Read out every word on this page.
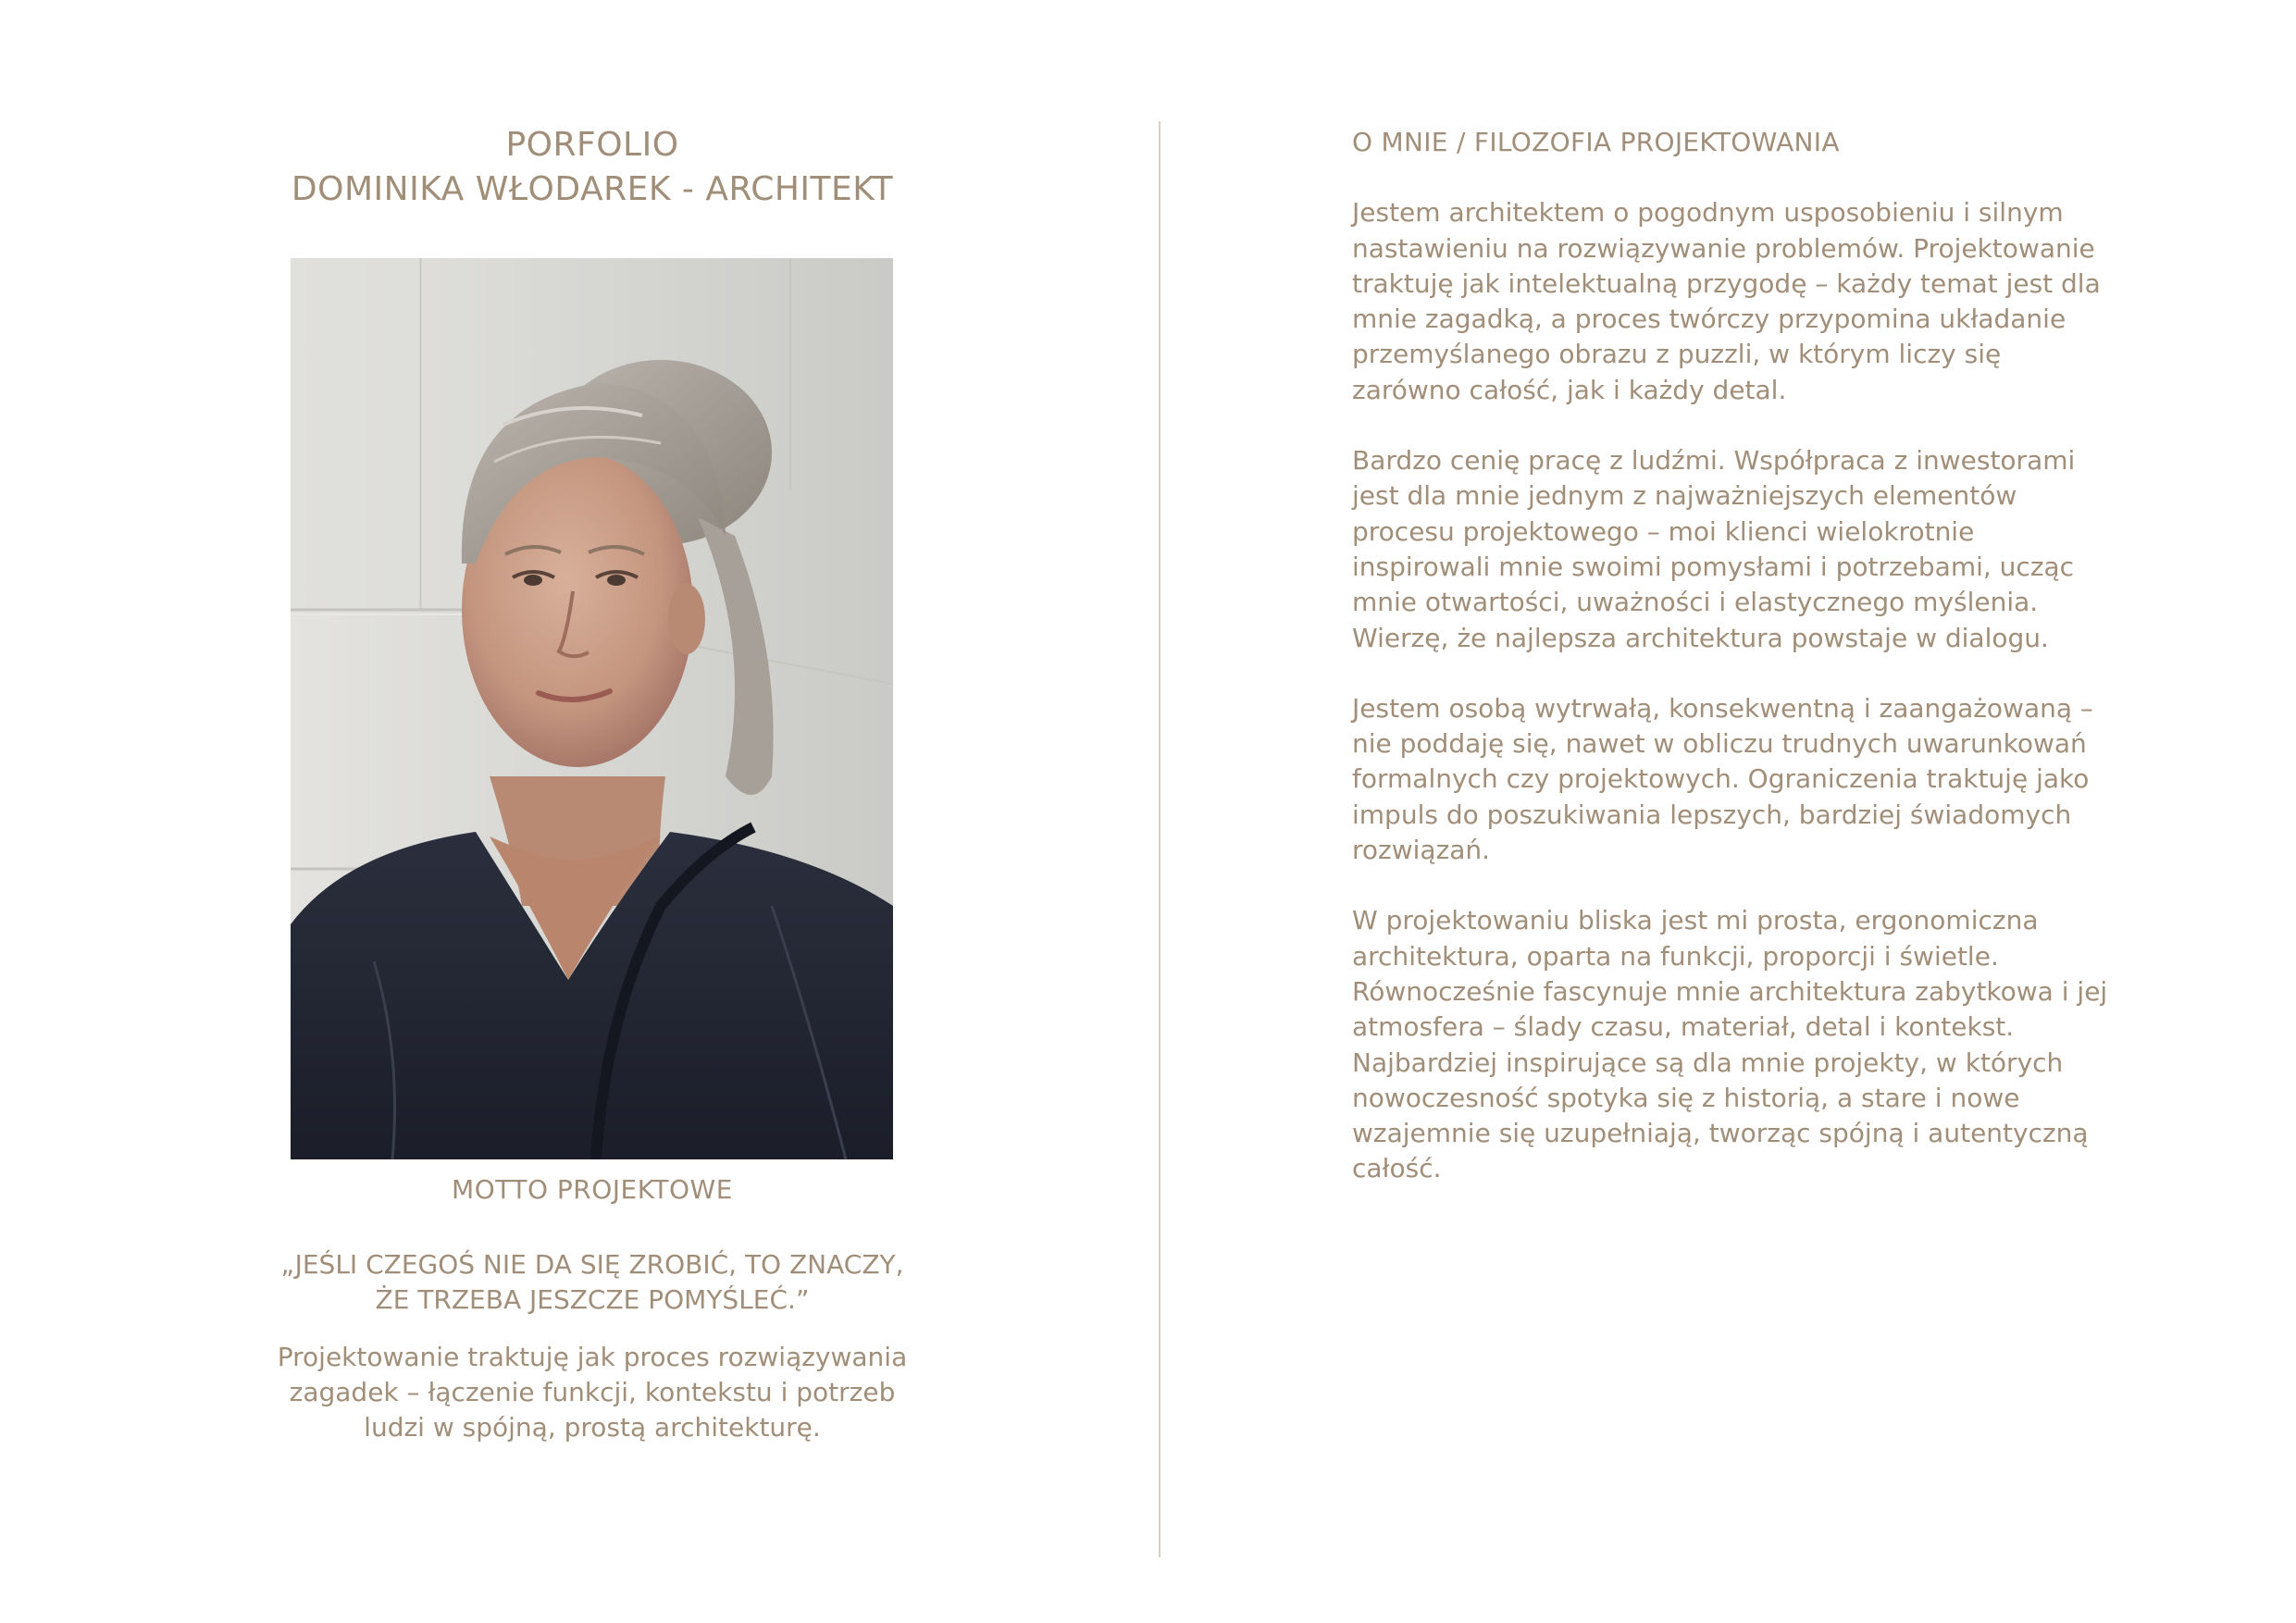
PORFOLIO
DOMINIKA WŁODAREK - ARCHITEKT
MOTTO PROJEKTOWE
„JEŚLI CZEGOŚ NIE DA SIĘ ZROBIĆ, TO ZNACZY,
ŻE TRZEBA JESZCZE POMYŚLEĆ.”
Projektowanie traktuję jak proces rozwiązywania
zagadek – łączenie funkcji, kontekstu i potrzeb
ludzi w spójną, prostą architekturę.
O MNIE / FILOZOFIA PROJEKTOWANIA
Jestem architektem o pogodnym usposobieniu i silnym
nastawieniu na rozwiązywanie problemów. Projektowanie
traktuję jak intelektualną przygodę – każdy temat jest dla
mnie zagadką, a proces twórczy przypomina układanie
przemyślanego obrazu z puzzli, w którym liczy się
zarówno całość, jak i każdy detal.
Bardzo cenię pracę z ludźmi. Współpraca z inwestorami
jest dla mnie jednym z najważniejszych elementów
procesu projektowego – moi klienci wielokrotnie
inspirowali mnie swoimi pomysłami i potrzebami, ucząc
mnie otwartości, uważności i elastycznego myślenia.
Wierzę, że najlepsza architektura powstaje w dialogu.
Jestem osobą wytrwałą, konsekwentną i zaangażowaną –
nie poddaję się, nawet w obliczu trudnych uwarunkowań
formalnych czy projektowych. Ograniczenia traktuję jako
impuls do poszukiwania lepszych, bardziej świadomych
rozwiązań.
W projektowaniu bliska jest mi prosta, ergonomiczna
architektura, oparta na funkcji, proporcji i świetle.
Równocześnie fascynuje mnie architektura zabytkowa i jej
atmosfera – ślady czasu, materiał, detal i kontekst.
Najbardziej inspirujące są dla mnie projekty, w których
nowoczesność spotyka się z historią, a stare i nowe
wzajemnie się uzupełniają, tworząc spójną i autentyczną
całość.
